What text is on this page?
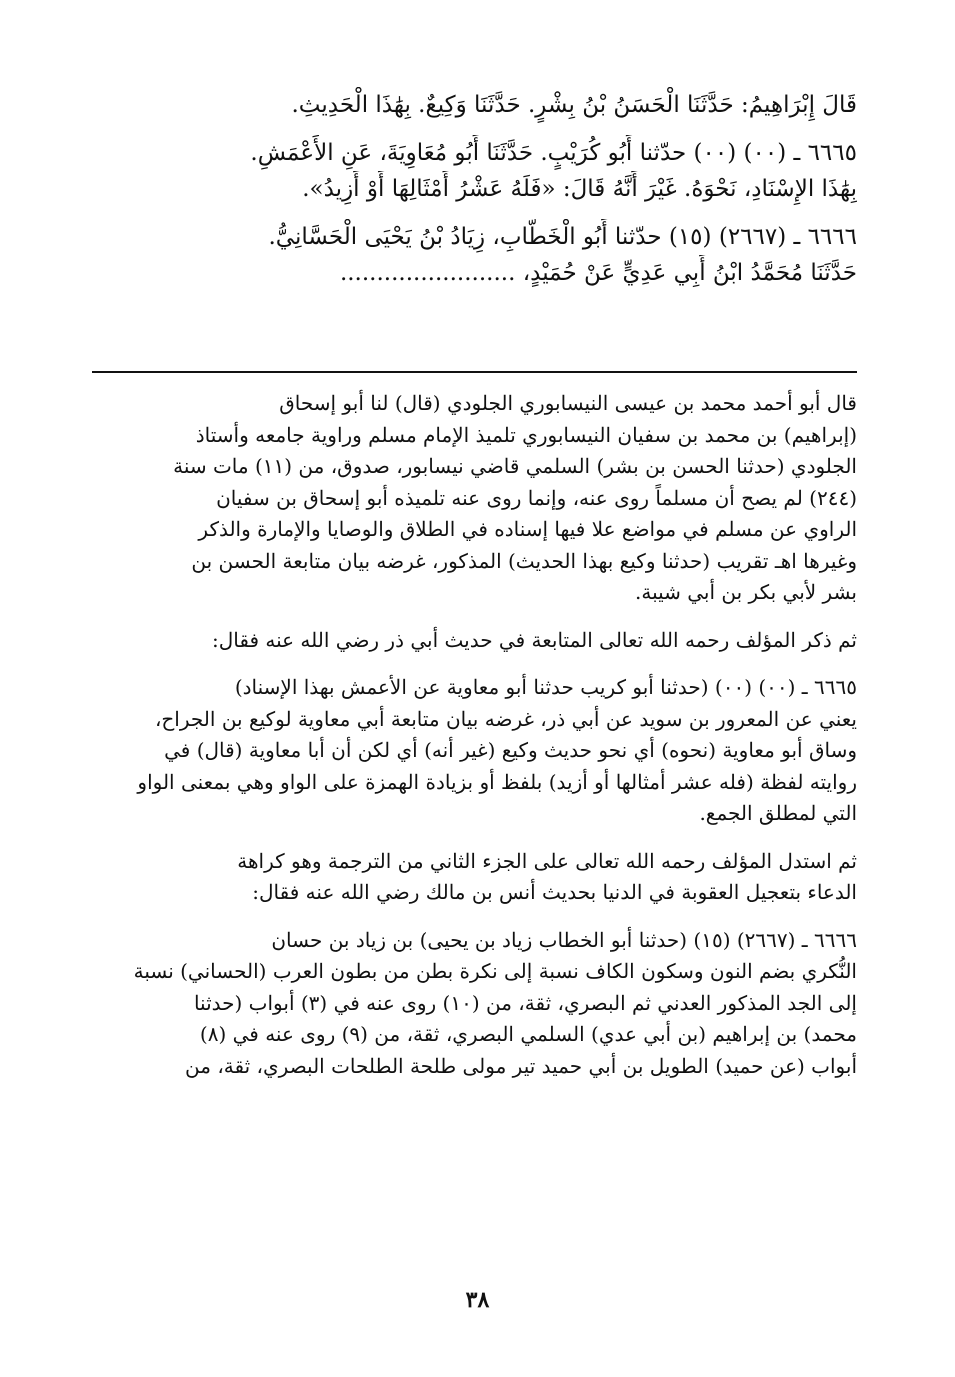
قَالَ إِبْرَاهِيمُ: حَدَّثَنَا الْحَسَنُ بْنُ بِشْرٍ. حَدَّثَنَا وَكِيعٌ. بِهَٰذَا الْحَدِيثِ.
٦٦٦٥ ـ (٠٠) (٠٠) حدّثنا أَبُو كُرَيْبٍ. حَدَّثَنَا أَبُو مُعَاوِيَةَ، عَنِ الأَعْمَشِ.
بِهَٰذَا الإِسْنَادِ، نَحْوَهُ. غَيْرَ أَنَّهُ قَالَ: «فَلَهُ عَشْرُ أَمْثَالِهَا أَوْ أَزِيدُ».
٦٦٦٦ ـ (٢٦٦٧) (١٥) حدّثنا أَبُو الْخَطَّابِ، زِيَادُ بْنُ يَحْيَى الْحَسَّانِيُّ.
حَدَّثَنَا مُحَمَّدُ ابْنُ أَبِي عَدِيٍّ عَنْ حُمَيْدٍ، ........................
قال أبو أحمد محمد بن عيسى النيسابوري الجلودي (قال) لنا أبو إسحاق
(إبراهيم) بن محمد بن سفيان النيسابوري تلميذ الإمام مسلم وراوية جامعه وأستاذ
الجلودي (حدثنا الحسن بن بشر) السلمي قاضي نيسابور، صدوق، من (١١) مات سنة
(٢٤٤) لم يصح أن مسلماً روى عنه، وإنما روى عنه تلميذه أبو إسحاق بن سفيان
الراوي عن مسلم في مواضع علا فيها إسناده في الطلاق والوصايا والإمارة والذكر
وغيرها اهـ تقريب (حدثنا وكيع بهذا الحديث) المذكور، غرضه بيان متابعة الحسن بن
بشر لأبي بكر بن أبي شيبة.
ثم ذكر المؤلف رحمه الله تعالى المتابعة في حديث أبي ذر رضي الله عنه فقال:
٦٦٦٥ ـ (٠٠) (٠٠) (حدثنا أبو كريب حدثنا أبو معاوية عن الأعمش بهذا الإسناد)
يعني عن المعرور بن سويد عن أبي ذر، غرضه بيان متابعة أبي معاوية لوكيع بن الجراح،
وساق أبو معاوية (نحوه) أي نحو حديث وكيع (غير أنه) أي لكن أن أبا معاوية (قال) في
روايته لفظة (فله عشر أمثالها أو أزيد) بلفظ أو بزيادة الهمزة على الواو وهي بمعنى الواو
التي لمطلق الجمع.
ثم استدل المؤلف رحمه الله تعالى على الجزء الثاني من الترجمة وهو كراهة
الدعاء بتعجيل العقوبة في الدنيا بحديث أنس بن مالك رضي الله عنه فقال:
٦٦٦٦ ـ (٢٦٦٧) (١٥) (حدثنا أبو الخطاب زياد بن يحيى) بن زياد بن حسان
النُّكري بضم النون وسكون الكاف نسبة إلى نكرة بطن من بطون العرب (الحساني) نسبة
إلى الجد المذكور العدني ثم البصري، ثقة، من (١٠) روى عنه في (٣) أبواب (حدثنا
محمد) بن إبراهيم (بن أبي عدي) السلمي البصري، ثقة، من (٩) روى عنه في (٨)
أبواب (عن حميد) الطويل بن أبي حميد تير مولى طلحة الطلحات البصري، ثقة، من
٣٨
